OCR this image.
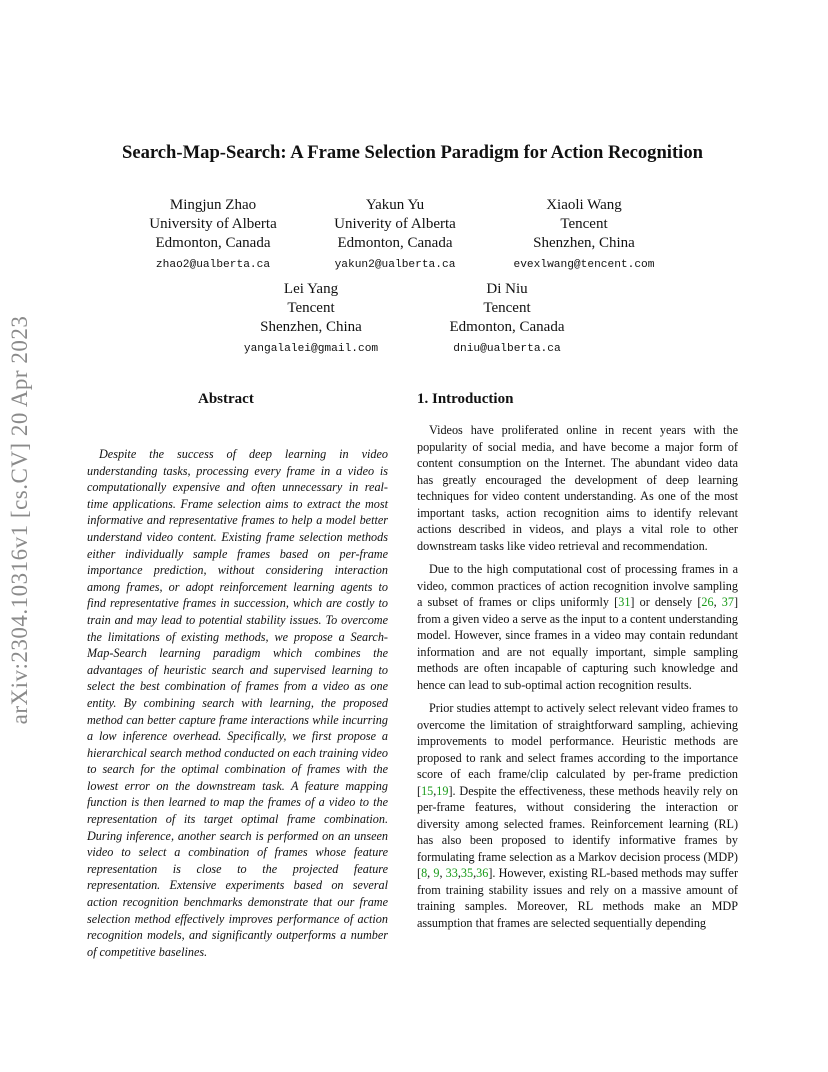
arXiv:2304.10316v1 [cs.CV] 20 Apr 2023
Search-Map-Search: A Frame Selection Paradigm for Action Recognition
Mingjun Zhao
University of Alberta
Edmonton, Canada
zhao2@ualberta.ca
Yakun Yu
Univerity of Alberta
Edmonton, Canada
yakun2@ualberta.ca
Xiaoli Wang
Tencent
Shenzhen, China
evexlwang@tencent.com
Lei Yang
Tencent
Shenzhen, China
yangalalei@gmail.com
Di Niu
Tencent
Edmonton, Canada
dniu@ualberta.ca
Abstract

Despite the success of deep learning in video understanding tasks, processing every frame in a video is computationally expensive and often unnecessary in real-time applications. Frame selection aims to extract the most informative and representative frames to help a model better understand video content. Existing frame selection methods either individually sample frames based on per-frame importance prediction, without considering interaction among frames, or adopt reinforcement learning agents to find representative frames in succession, which are costly to train and may lead to potential stability issues. To overcome the limitations of existing methods, we propose a Search-Map-Search learning paradigm which combines the advantages of heuristic search and supervised learning to select the best combination of frames from a video as one entity. By combining search with learning, the proposed method can better capture frame interactions while incurring a low inference overhead. Specifically, we first propose a hierarchical search method conducted on each training video to search for the optimal combination of frames with the lowest error on the downstream task. A feature mapping function is then learned to map the frames of a video to the representation of its target optimal frame combination. During inference, another search is performed on an unseen video to select a combination of frames whose feature representation is close to the projected feature representation. Extensive experiments based on several action recognition benchmarks demonstrate that our frame selection method effectively improves performance of action recognition models, and significantly outperforms a number of competitive baselines.

1. Introduction

Videos have proliferated online in recent years with the popularity of social media, and have become a major form of content consumption on the Internet. The abundant video data has greatly encouraged the development of deep learning techniques for video content understanding. As one of the most important tasks, action recognition aims to identify relevant actions described in videos, and plays a vital role to other downstream tasks like video retrieval and recommendation.

Due to the high computational cost of processing frames in a video, common practices of action recognition involve sampling a subset of frames or clips uniformly [31] or densely [26, 37] from a given video a serve as the input to a content understanding model. However, since frames in a video may contain redundant information and are not equally important, simple sampling methods are often incapable of capturing such knowledge and hence can lead to sub-optimal action recognition results.

Prior studies attempt to actively select relevant video frames to overcome the limitation of straightforward sampling, achieving improvements to model performance. Heuristic methods are proposed to rank and select frames according to the importance score of each frame/clip calculated by per-frame prediction [15,19]. Despite the effectiveness, these methods heavily rely on per-frame features, without considering the interaction or diversity among selected frames. Reinforcement learning (RL) has also been proposed to identify informative frames by formulating frame selection as a Markov decision process (MDP) [8, 9, 33,35,36]. However, existing RL-based methods may suffer from training stability issues and rely on a massive amount of training samples. Moreover, RL methods make an MDP assumption that frames are selected sequentially depending
